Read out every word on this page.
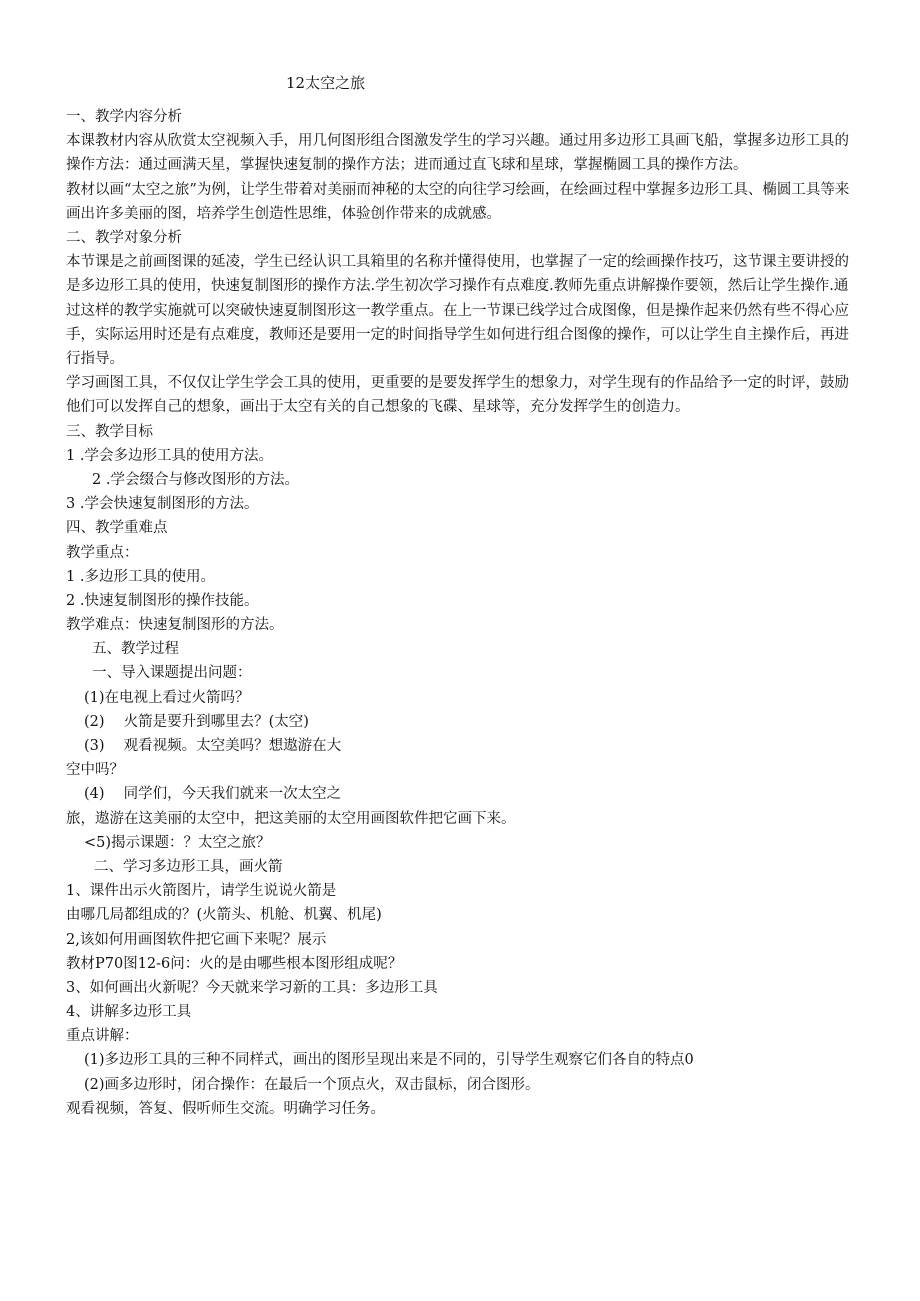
12太空之旅
一、教学内容分析
本课教材内容从欣赏太空视频入手，用几何图形组合图激发学生的学习兴趣。通过用多边形工具画飞船，掌握多边形工具的操作方法：通过画满天星，掌握快速复制的操作方法；进而通过直飞球和星球，掌握椭圆工具的操作方法。
教材以画“太空之旅”为例，让学生带着对美丽而神秘的太空的向往学习绘画，在绘画过程中掌握多边形工具、椭圆工具等来画出许多美丽的图，培养学生创造性思维，体验创作带来的成就感。
二、教学对象分析
本节课是之前画图课的延凌，学生已经认识工具箱里的名称并懂得使用，也掌握了一定的绘画操作技巧，这节课主要讲授的是多边形工具的使用，快速复制图形的操作方法.学生初次学习操作有点难度.教师先重点讲解操作要领，然后让学生操作.通过这样的教学实施就可以突破快速夏制图形这一教学重点。在上一节课已线学过合成图像，但是操作起来仍然有些不得心应手，实际运用时还是有点难度，教师还是要用一定的时间指导学生如何进行组合图像的操作，可以让学生自主操作后，再进行指导。
学习画图工具，不仅仅让学生学会工具的使用，更重要的是要发挥学生的想象力，对学生现有的作品给予一定的时评，鼓励他们可以发挥自己的想象，画出于太空有关的自己想象的飞碟、星球等，充分发挥学生的创造力。
三、教学目标
1 .学会多边形工具的使用方法。
2 .学会缀合与修改图形的方法。
3 .学会快速复制图形的方法。
四、教学重难点
教学重点：
1 .多边形工具的使用。
2 .快速复制图形的操作技能。
教学难点：快速复制图形的方法。
五、教学过程
一、导入课题提出问题：
(1)在电视上看过火箭吗？
(2)　 火箭是要升到哪里去？(太空)
(3)　 观看视频。太空美吗？想遨游在大
空中吗？
(4)　 同学们，今天我们就来一次太空之
旅，遨游在这美丽的太空中，把这美丽的太空用画图软件把它画下来。
<5)揭示课题：？太空之旅？
二、学习多边形工具，画火箭
1、课件出示火箭图片，请学生说说火箭是
由哪几局都组成的？(火箭头、机舱、机翼、机尾)
2,该如何用画图软件把它画下来呢？展示
教材P70图12-6问：火的是由哪些根本图形组成呢？
3、如何画出火新呢？今天就来学习新的工具：多边形工具
4、讲解多边形工具
重点讲解：
(1)多边形工具的三种不同样式，画出的图形呈现出来是不同的，引导学生观察它们各自的特点0
(2)画多边形时，闭合操作：在最后一个顶点火，双击鼠标，闭合图形。
观看视频，答复、假听师生交流。明确学习任务。
